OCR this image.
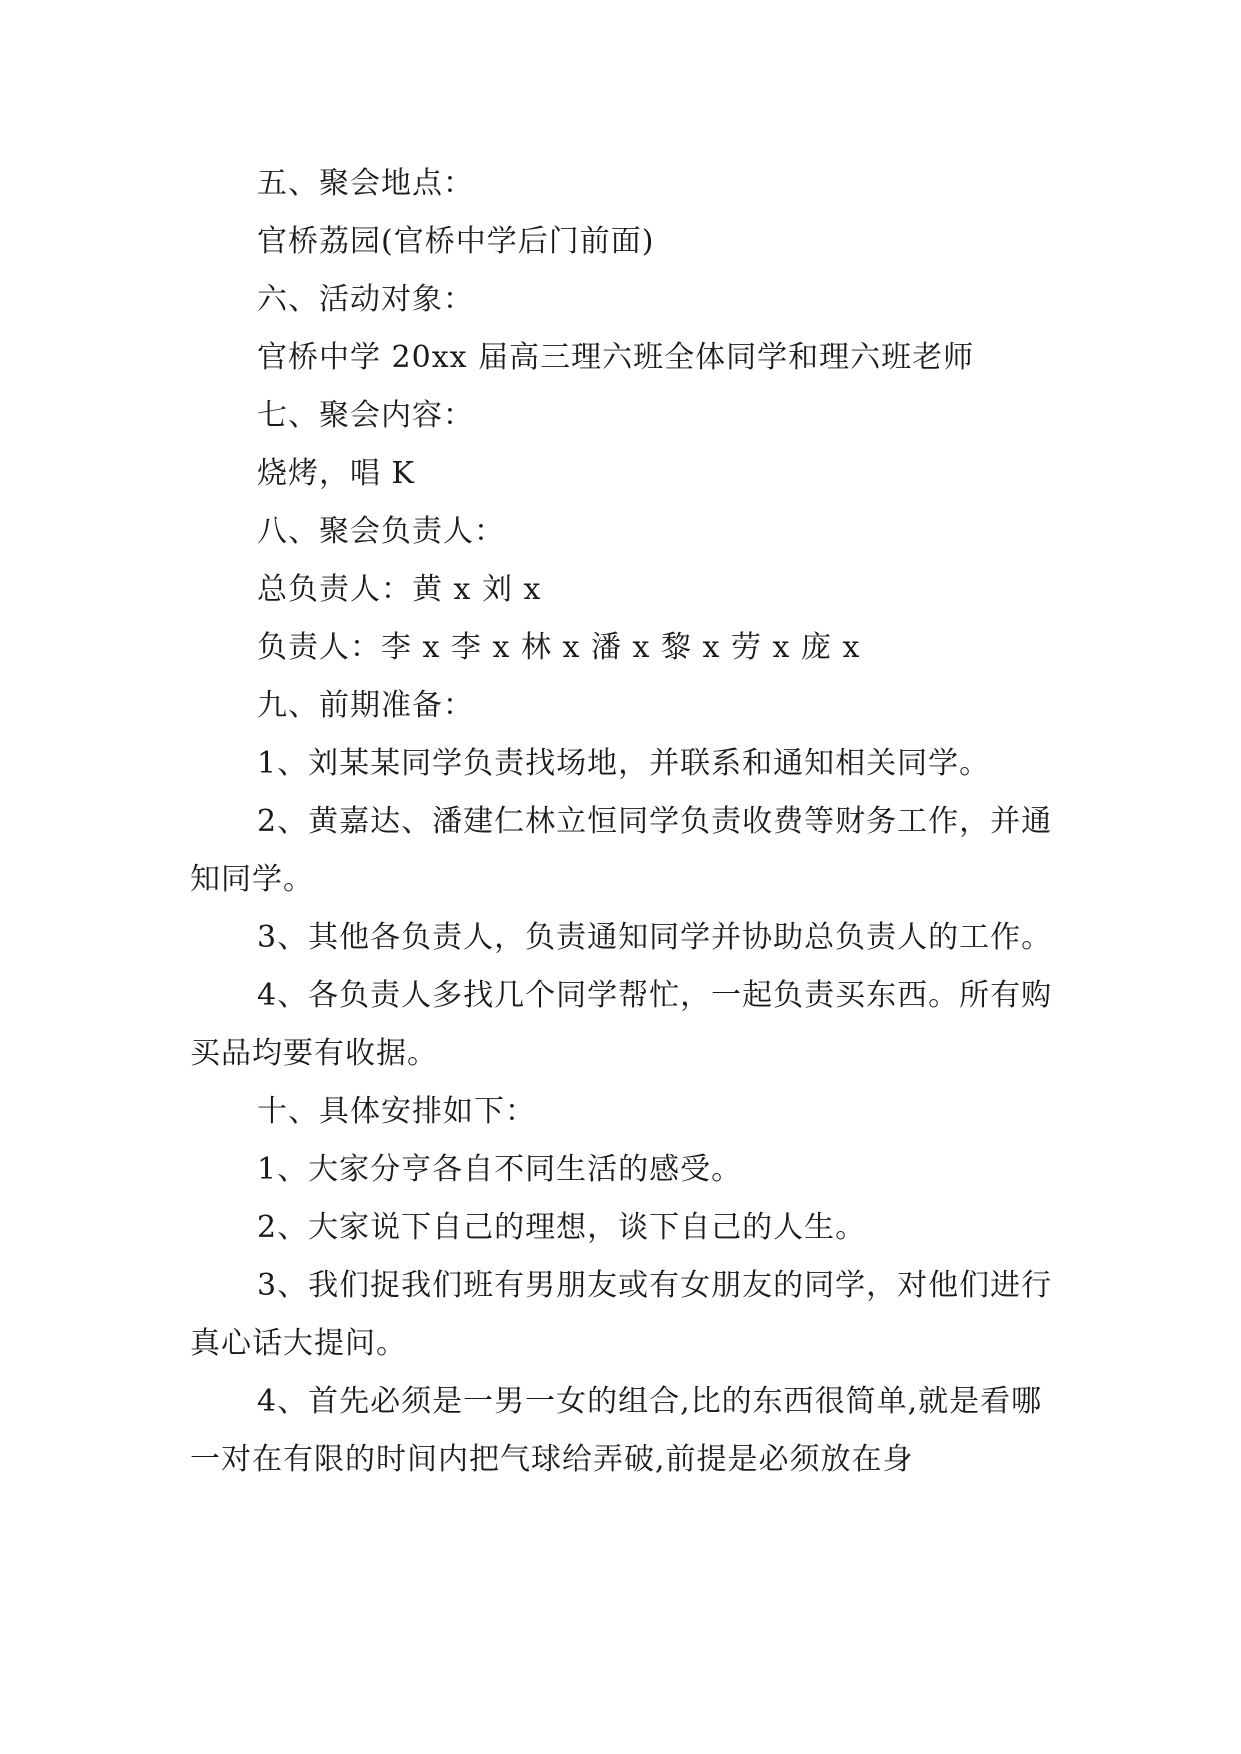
五、聚会地点：

官桥荔园(官桥中学后门前面)

六、活动对象：

官桥中学 20xx 届高三理六班全体同学和理六班老师

七、聚会内容：

烧烤，唱 K

八、聚会负责人：

总负责人：黄 x 刘 x

负责人：李 x 李 x 林 x 潘 x 黎 x 劳 x 庞 x

九、前期准备：

1、刘某某同学负责找场地，并联系和通知相关同学。

2、黄嘉达、潘建仁林立恒同学负责收费等财务工作，并通知同学。

3、其他各负责人，负责通知同学并协助总负责人的工作。

4、各负责人多找几个同学帮忙，一起负责买东西。所有购买品均要有收据。

十、具体安排如下：

1、大家分亨各自不同生活的感受。

2、大家说下自己的理想，谈下自己的人生。

3、我们捉我们班有男朋友或有女朋友的同学，对他们进行真心话大提问。

4、首先必须是一男一女的组合,比的东西很简单,就是看哪一对在有限的时间内把气球给弄破,前提是必须放在身
